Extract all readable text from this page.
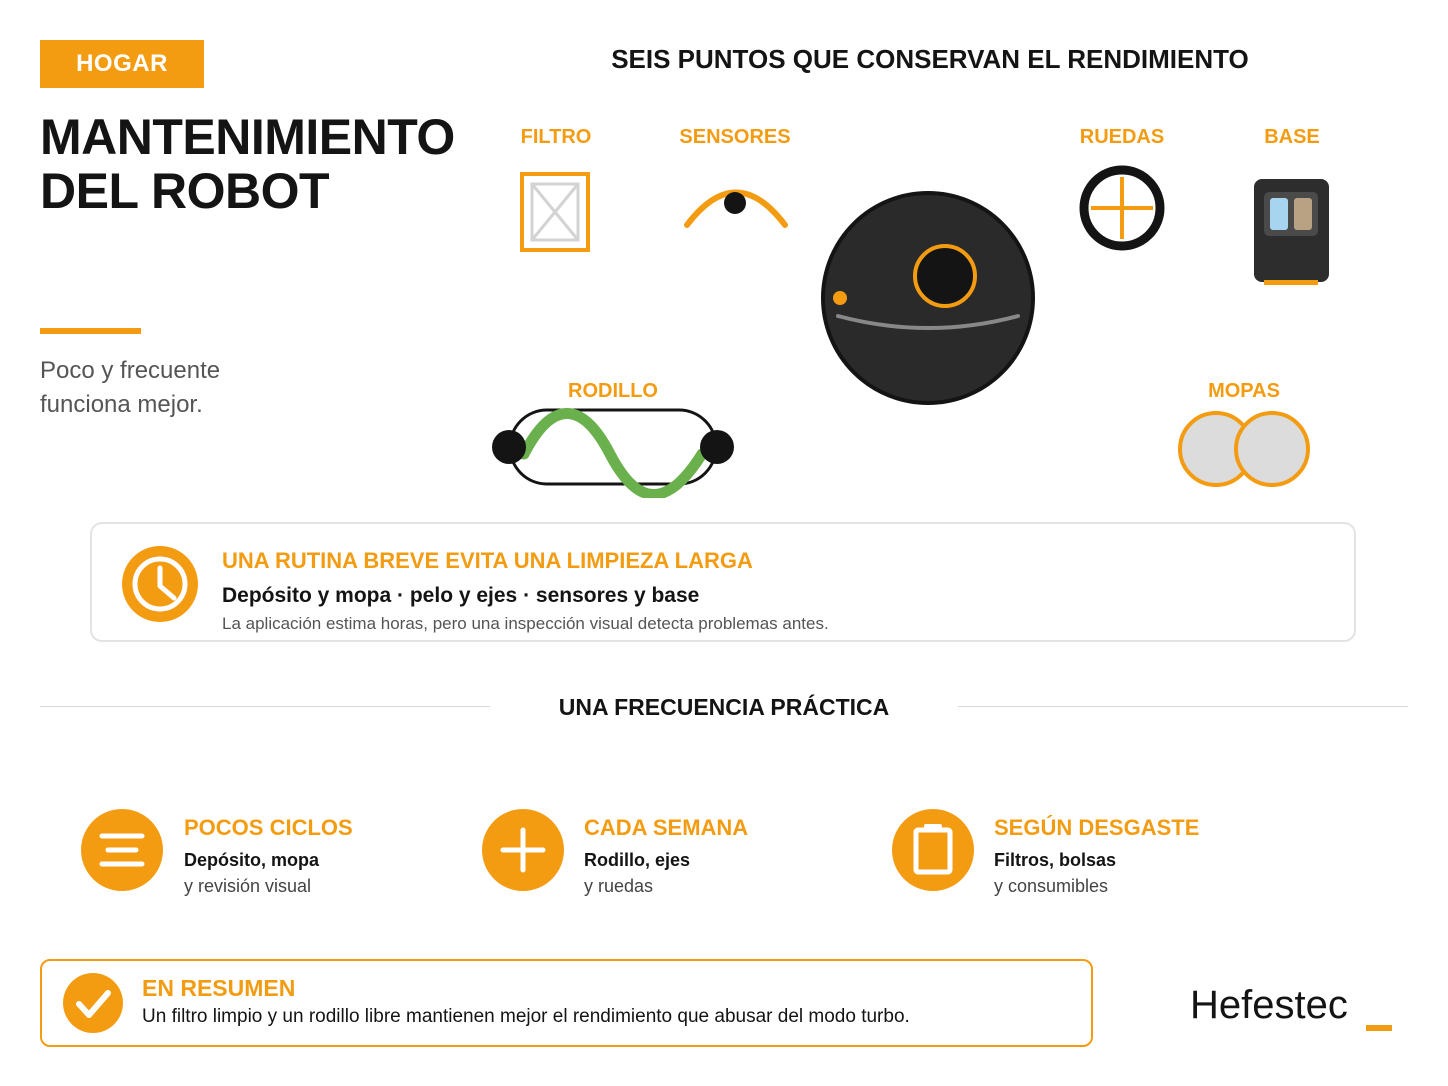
HOGAR
MANTENIMIENTO
DEL ROBOT
Poco y frecuente
funciona mejor.
SEIS PUNTOS QUE CONSERVAN EL RENDIMIENTO
FILTRO	SENSORES	RUEDAS	BASE
RODILLO	MOPAS
UNA RUTINA BREVE EVITA UNA LIMPIEZA LARGA
Depósito y mopa · pelo y ejes · sensores y base
La aplicación estima horas, pero una inspección visual detecta problemas antes.
UNA FRECUENCIA PRÁCTICA
POCOS CICLOS
Depósito, mopa
y revisión visual
CADA SEMANA
Rodillo, ejes
y ruedas
SEGÚN DESGASTE
Filtros, bolsas
y consumibles
EN RESUMEN
Un filtro limpio y un rodillo libre mantienen mejor el rendimiento que abusar del modo turbo.	Hefestec
